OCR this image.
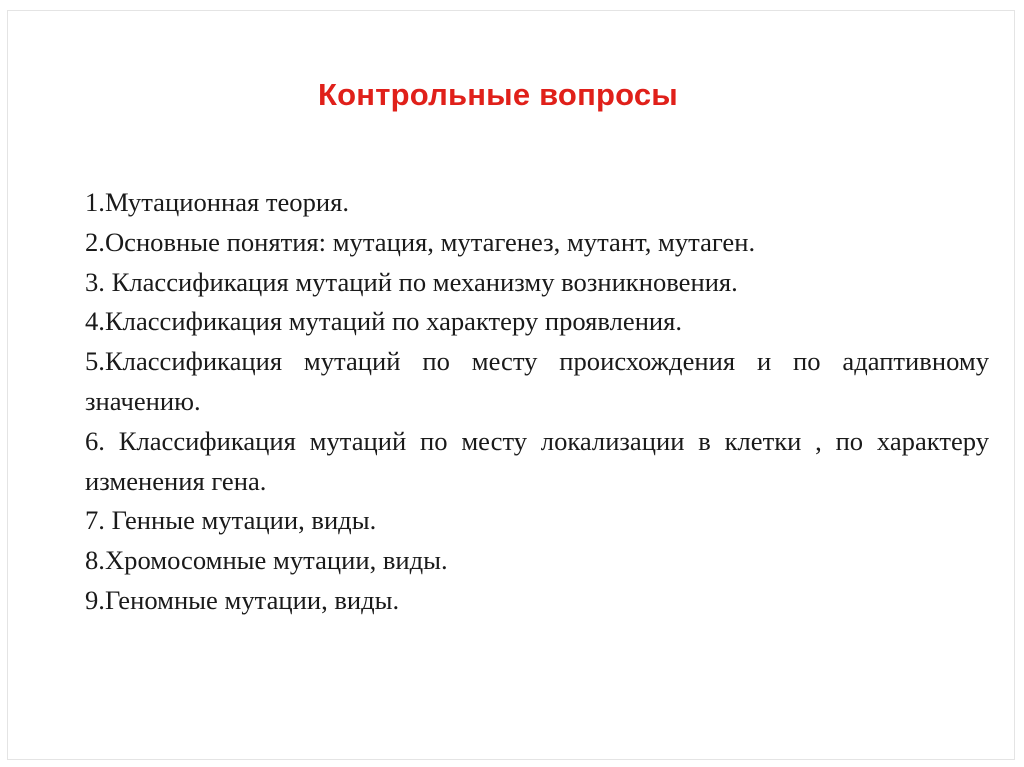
Контрольные вопросы
1.Мутационная теория.
2.Основные понятия: мутация, мутагенез, мутант, мутаген.
3. Классификация мутаций по механизму возникновения.
4.Классификация мутаций по характеру проявления.
5.Классификация мутаций по месту происхождения и по адаптивному значению.
6. Классификация мутаций по месту локализации в клетки , по характеру изменения гена.
7. Генные мутации, виды.
8.Хромосомные мутации, виды.
9.Геномные мутации, виды.
